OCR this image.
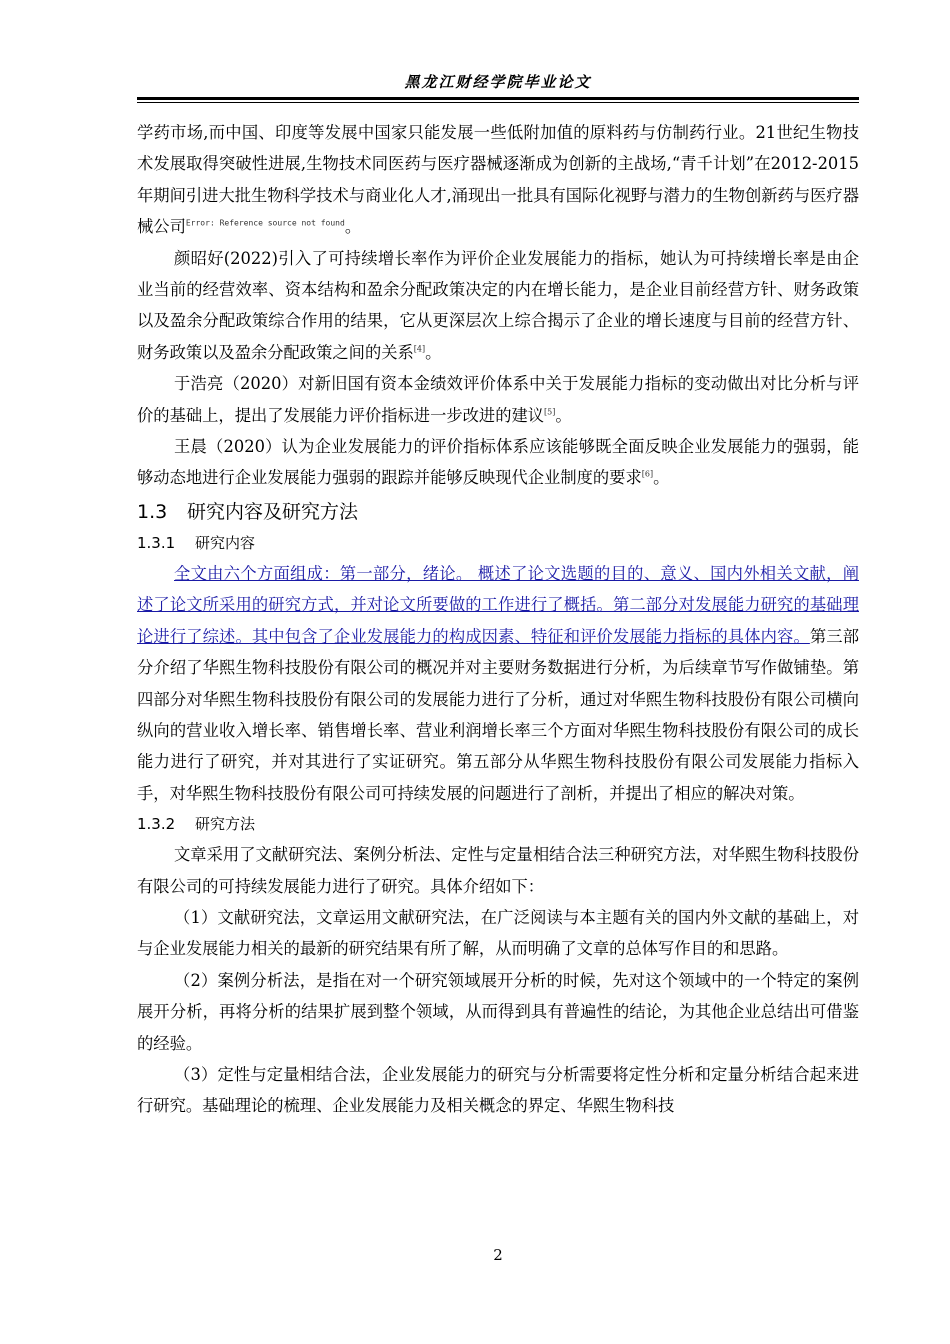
黑龙江财经学院毕业论文

学药市场,而中国、印度等发展中国家只能发展一些低附加值的原料药与仿制药行业。21世纪生物技术发展取得突破性进展,生物技术同医药与医疗器械逐渐成为创新的主战场,“青千计划”在2012-2015年期间引进大批生物科学技术与商业化人才,涌现出一批具有国际化视野与潜力的生物创新药与医疗器械公司$^{Error: Reference source not found}$。

颜昭好(2022)引入了可持续增长率作为评价企业发展能力的指标，她认为可持续增长率是由企业当前的经营效率、资本结构和盈余分配政策决定的内在增长能力，是企业目前经营方针、财务政策以及盈余分配政策综合作用的结果，它从更深层次上综合揭示了企业的增长速度与目前的经营方针、财务政策以及盈余分配政策之间的关系[4]。

于浩亮（2020）对新旧国有资本金绩效评价体系中关于发展能力指标的变动做出对比分析与评价的基础上，提出了发展能力评价指标进一步改进的建议[5]。

王晨（2020）认为企业发展能力的评价指标体系应该能够既全面反映企业发展能力的强弱，能够动态地进行企业发展能力强弱的跟踪并能够反映现代企业制度的要求[6]。

1.3 研究内容及研究方法
1.3.1 研究内容

全文由六个方面组成：第一部分，绪论。 概述了论文选题的目的、意义、国内外相关文献，阐述了论文所采用的研究方式，并对论文所要做的工作进行了概括。第二部分对发展能力研究的基础理论进行了综述。其中包含了企业发展能力的构成因素、特征和评价发展能力指标的具体内容。第三部分介绍了华熙生物科技股份有限公司的概况并对主要财务数据进行分析，为后续章节写作做铺垫。第四部分对华熙生物科技股份有限公司的发展能力进行了分析，通过对华熙生物科技股份有限公司横向纵向的营业收入增长率、销售增长率、营业利润增长率三个方面对华熙生物科技股份有限公司的成长能力进行了研究，并对其进行了实证研究。第五部分从华熙生物科技股份有限公司发展能力指标入手，对华熙生物科技股份有限公司可持续发展的问题进行了剖析，并提出了相应的解决对策。

1.3.2 研究方法

文章采用了文献研究法、案例分析法、定性与定量相结合法三种研究方法，对华熙生物科技股份有限公司的可持续发展能力进行了研究。具体介绍如下：

（1）文献研究法，文章运用文献研究法，在广泛阅读与本主题有关的国内外文献的基础上，对与企业发展能力相关的最新的研究结果有所了解，从而明确了文章的总体写作目的和思路。

（2）案例分析法，是指在对一个研究领域展开分析的时候，先对这个领域中的一个特定的案例展开分析，再将分析的结果扩展到整个领域，从而得到具有普遍性的结论，为其他企业总结出可借鉴的经验。

（3）定性与定量相结合法，企业发展能力的研究与分析需要将定性分析和定量分析结合起来进行研究。基础理论的梳理、企业发展能力及相关概念的界定、华熙生物科技

2
